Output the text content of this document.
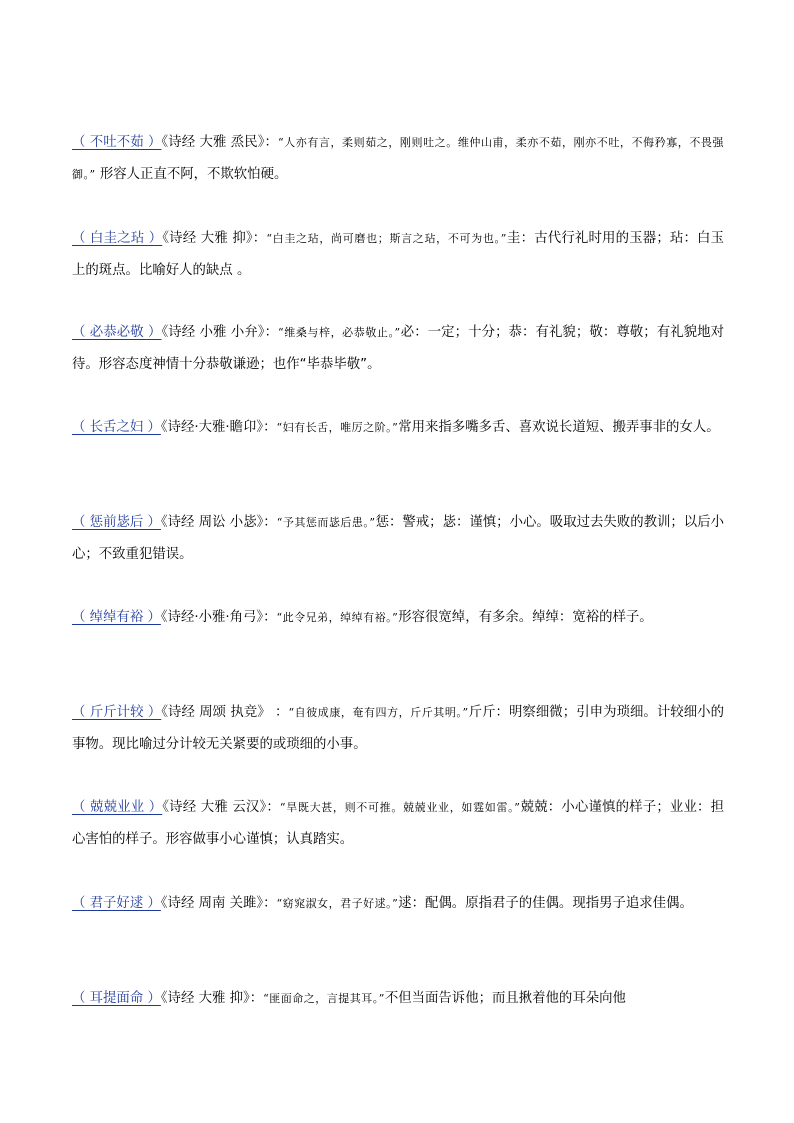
（ 不吐不茹 ）《诗经 大雅 烝民》：“人亦有言，柔则茹之，刚则吐之。维仲山甫，柔亦不茹，刚亦不吐，不侮矜寡，不畏强御。” 形容人正直不阿，不欺软怕硬。

（ 白圭之玷 ）《诗经 大雅 抑》：“白圭之玷，尚可磨也；斯言之玷，不可为也。”圭：古代行礼时用的玉器；玷：白玉上的斑点。比喻好人的缺点 。

（ 必恭必敬 ）《诗经 小雅 小弁》：“维桑与梓，必恭敬止。”必：一定；十分；恭：有礼貌；敬：尊敬；有礼貌地对待。形容态度神情十分恭敬谦逊；也作“毕恭毕敬”。

（ 长舌之妇 ）《诗经·大雅·瞻卬》：“妇有长舌，唯厉之阶。”常用来指多嘴多舌、喜欢说长道短、搬弄事非的女人。

（ 惩前毖后 ）《诗经 周讼 小毖》：“予其惩而毖后患。”惩：警戒；毖：谨慎；小心。吸取过去失败的教训；以后小心；不致重犯错误。

（ 绰绰有裕 ）《诗经·小雅·角弓》：“此令兄弟，绰绰有裕。”形容很宽绰，有多余。绰绰：宽裕的样子。

（ 斤斤计较 ）《诗经 周颂 执竞》 ：“自彼成康，奄有四方，斤斤其明。”斤斤：明察细微；引申为琐细。计较细小的事物。现比喻过分计较无关紧要的或琐细的小事。

（ 兢兢业业 ）《诗经 大雅 云汉》：“旱既大甚，则不可推。兢兢业业，如霆如雷。”兢兢：小心谨慎的样子；业业：担心害怕的样子。形容做事小心谨慎；认真踏实。

（ 君子好逑 ）《诗经 周南 关雎》：“窈窕淑女，君子好逑。”逑：配偶。原指君子的佳偶。现指男子追求佳偶。

（ 耳提面命 ）《诗经 大雅 抑》：“匪面命之，言提其耳。”不但当面告诉他；而且揪着他的耳朵向他
